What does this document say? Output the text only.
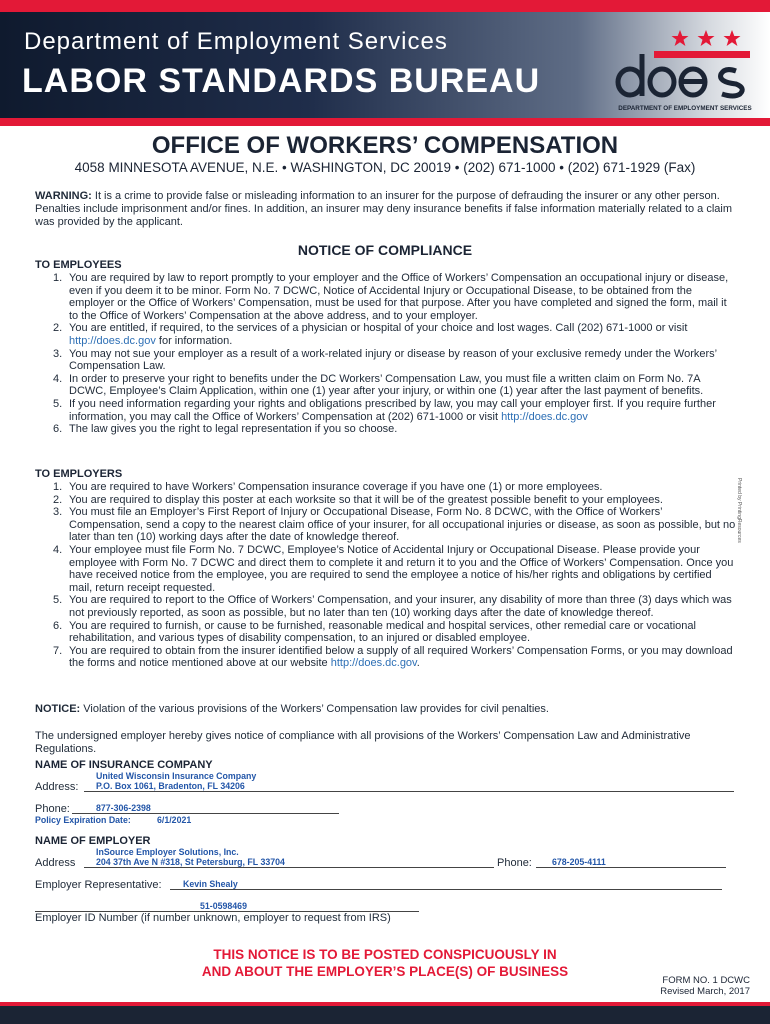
Department of Employment Services
LABOR STANDARDS BUREAU
DEPARTMENT OF EMPLOYMENT SERVICES
OFFICE OF WORKERS’ COMPENSATION
4058 MINNESOTA AVENUE, N.E. • WASHINGTON, DC 20019 • (202) 671-1000 • (202) 671-1929 (Fax)
WARNING: It is a crime to provide false or misleading information to an insurer for the purpose of defrauding the insurer or any other person. Penalties include imprisonment and/or fines. In addition, an insurer may deny insurance benefits if false information materially related to a claim was provided by the applicant.
NOTICE OF COMPLIANCE
TO EMPLOYEES
1. You are required by law to report promptly to your employer and the Office of Workers’ Compensation an occupational injury or disease, even if you deem it to be minor. Form No. 7 DCWC, Notice of Accidental Injury or Occupational Disease, to be obtained from the employer or the Office of Workers’ Compensation, must be used for that purpose. After you have completed and signed the form, mail it to the Office of Workers’ Compensation at the above address, and to your employer.
2. You are entitled, if required, to the services of a physician or hospital of your choice and lost wages. Call (202) 671-1000 or visit http://does.dc.gov for information.
3. You may not sue your employer as a result of a work-related injury or disease by reason of your exclusive remedy under the Workers’ Compensation Law.
4. In order to preserve your right to benefits under the DC Workers’ Compensation Law, you must file a written claim on Form No. 7A DCWC, Employee’s Claim Application, within one (1) year after your injury, or within one (1) year after the last payment of benefits.
5. If you need information regarding your rights and obligations prescribed by law, you may call your employer first. If you require further information, you may call the Office of Workers’ Compensation at (202) 671-1000 or visit http://does.dc.gov
6. The law gives you the right to legal representation if you so choose.
TO EMPLOYERS
1. You are required to have Workers’ Compensation insurance coverage if you have one (1) or more employees.
2. You are required to display this poster at each worksite so that it will be of the greatest possible benefit to your employees.
3. You must file an Employer’s First Report of Injury or Occupational Disease, Form No. 8 DCWC, with the Office of Workers’ Compensation, send a copy to the nearest claim office of your insurer, for all occupational injuries or disease, as soon as possible, but no later than ten (10) working days after the date of knowledge thereof.
4. Your employee must file Form No. 7 DCWC, Employee’s Notice of Accidental Injury or Occupational Disease. Please provide your employee with Form No. 7 DCWC and direct them to complete it and return it to you and the Office of Workers’ Compensation. Once you have received notice from the employee, you are required to send the employee a notice of his/her rights and obligations by certified mail, return receipt requested.
5. You are required to report to the Office of Workers’ Compensation, and your insurer, any disability of more than three (3) days which was not previously reported, as soon as possible, but no later than ten (10) working days after the date of knowledge thereof.
6. You are required to furnish, or cause to be furnished, reasonable medical and hospital services, other remedial care or vocational rehabilitation, and various types of disability compensation, to an injured or disabled employee.
7. You are required to obtain from the insurer identified below a supply of all required Workers’ Compensation Forms, or you may download the forms and notice mentioned above at our website http://does.dc.gov.
Printed by PrintingResources
NOTICE: Violation of the various provisions of the Workers’ Compensation law provides for civil penalties.
The undersigned employer hereby gives notice of compliance with all provisions of the Workers’ Compensation Law and Administrative Regulations.
NAME OF INSURANCE COMPANY
United Wisconsin Insurance Company
Address: P.O. Box 1061, Bradenton, FL 34206
Phone:	877-306-2398
Policy Expiration Date:	6/1/2021
NAME OF EMPLOYER
InSource Employer Solutions, Inc.
Address 204 37th Ave N #318, St Petersburg, FL 33704	Phone: 678-205-4111
Employer Representative: Kevin Shealy
51-0598469
Employer ID Number (if number unknown, employer to request from IRS)
THIS NOTICE IS TO BE POSTED CONSPICUOUSLY IN
AND ABOUT THE EMPLOYER’S PLACE(S) OF BUSINESS
FORM NO. 1 DCWC
Revised March, 2017
